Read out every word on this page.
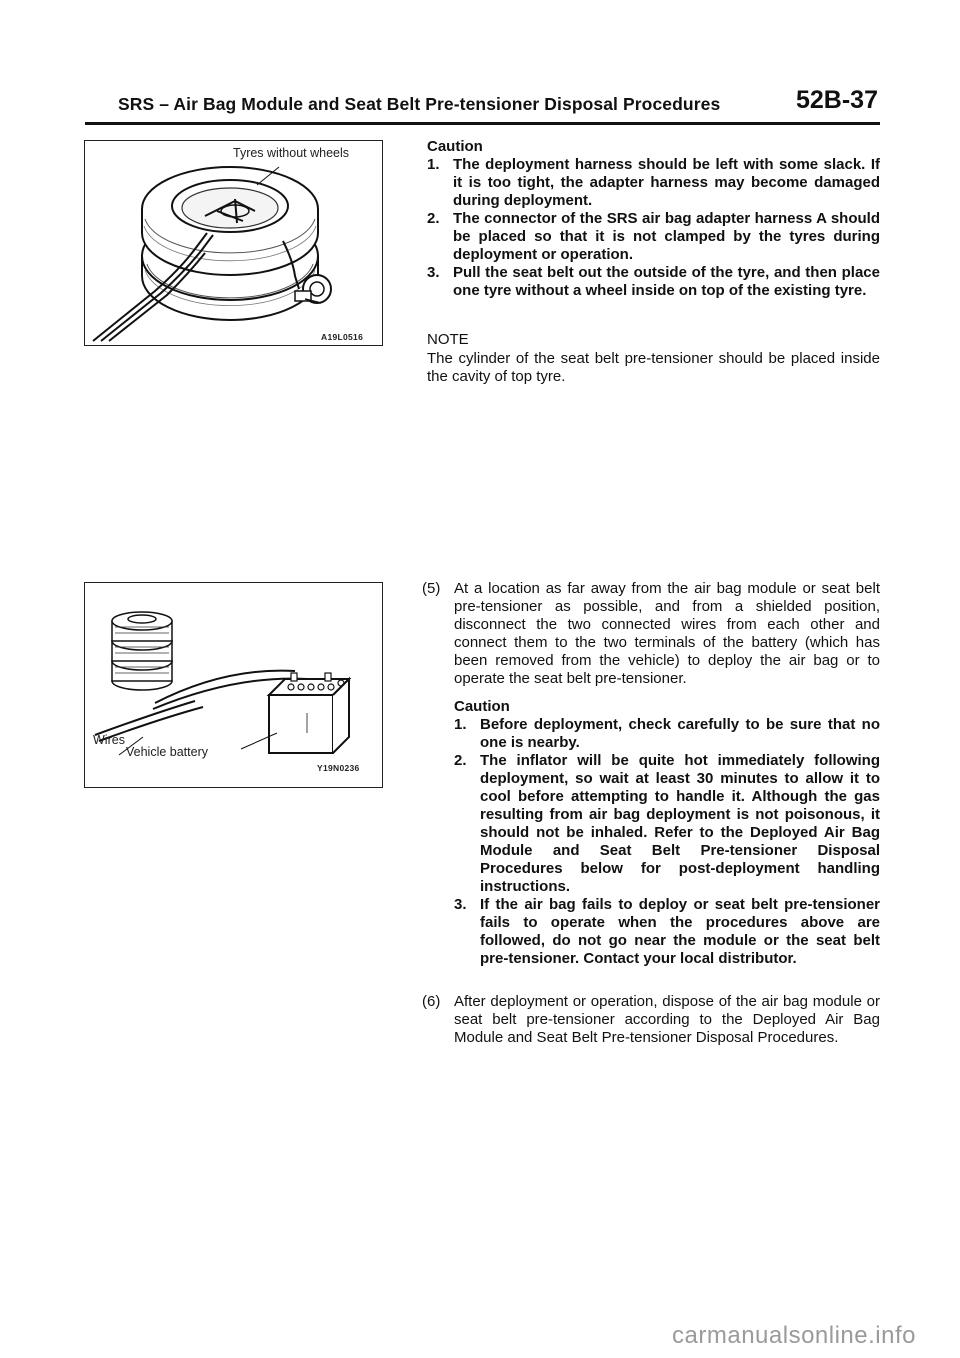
SRS – Air Bag Module and Seat Belt Pre-tensioner Disposal Procedures	52B-37
Tyres without wheels
A19L0516
Wires
Vehicle battery
Y19N0236
Caution
1. The deployment harness should be left with some slack. If it is too tight, the adapter harness may become damaged during deployment.
2. The connector of the SRS air bag adapter harness A should be placed so that it is not clamped by the tyres during deployment or operation.
3. Pull the seat belt out the outside of the tyre, and then place one tyre without a wheel inside on top of the existing tyre.
NOTE
The cylinder of the seat belt pre-tensioner should be placed inside the cavity of top tyre.
(5) At a location as far away from the air bag module or seat belt pre-tensioner as possible, and from a shielded position, disconnect the two connected wires from each other and connect them to the two terminals of the battery (which has been removed from the vehicle) to deploy the air bag or to operate the seat belt pre-tensioner.
Caution
1. Before deployment, check carefully to be sure that no one is nearby.
2. The inflator will be quite hot immediately following deployment, so wait at least 30 minutes to allow it to cool before attempting to handle it. Although the gas resulting from air bag deployment is not poisonous, it should not be inhaled. Refer to the Deployed Air Bag Module and Seat Belt Pre-tensioner Disposal Procedures below for post-deployment handling instructions.
3. If the air bag fails to deploy or seat belt pre-tensioner fails to operate when the procedures above are followed, do not go near the module or the seat belt pre-tensioner. Contact your local distributor.
(6) After deployment or operation, dispose of the air bag module or seat belt pre-tensioner according to the Deployed Air Bag Module and Seat Belt Pre-tensioner Disposal Procedures.
carmanualsonline.info
